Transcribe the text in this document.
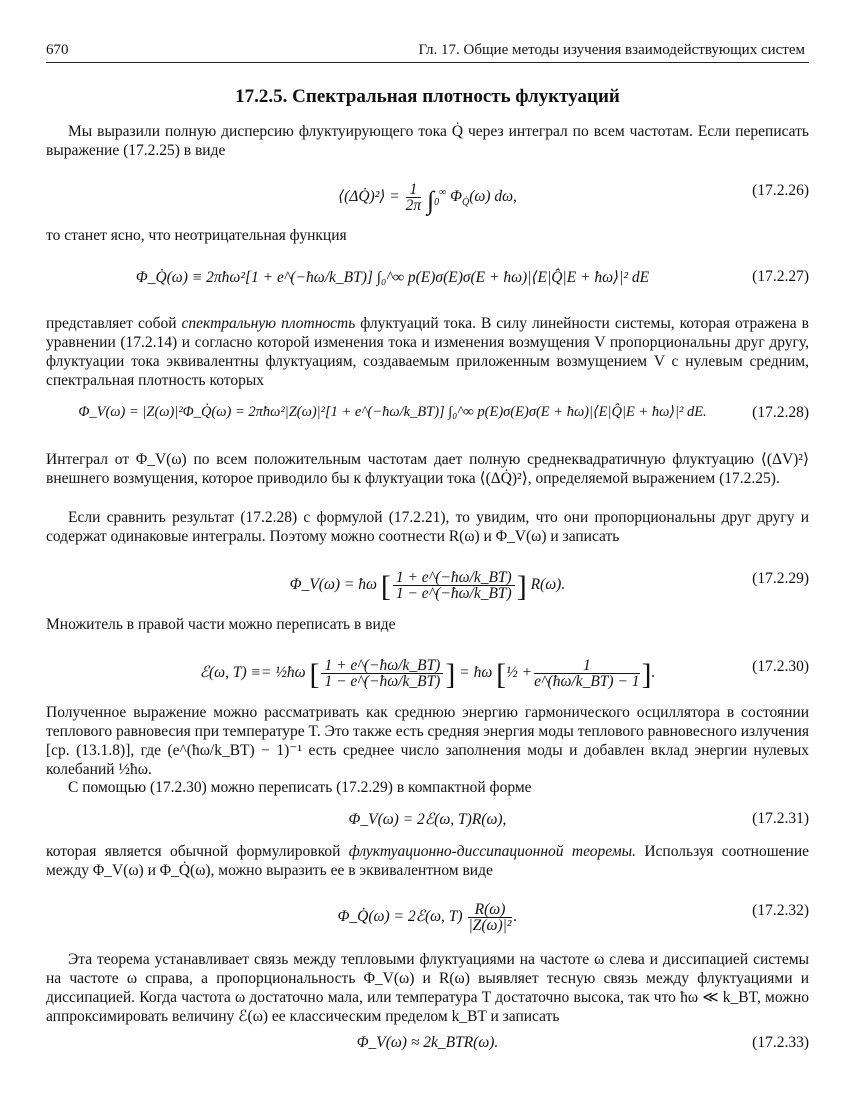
670	Гл. 17. Общие методы изучения взаимодействующих систем
17.2.5. Спектральная плотность флуктуаций

Мы выразили полную дисперсию флуктуирующего тока Q̇ через интеграл по всем частотам. Если переписать выражение (17.2.25) в виде

⟨(ΔQ̇)²⟩ = $\frac{1}{2\pi} \int_0^\infty$ $\Phi_{Q̇}(\omega)$ dω,	(17.2.26)

то станет ясно, что неотрицательная функция

Φ_Q̇(ω) ≡ 2πħω²[1 + e^(−ħω/k_BT)] ∫₀^∞ p(E)σ(E)σ(E + ħω)|⟨E|Q̂|E + ħω⟩|² dE	(17.2.27)

представляет собой спектральную плотность флуктуаций тока. В силу линейности системы, которая отражена в уравнении (17.2.14) и согласно которой изменения тока и изменения возмущения V пропорциональны друг другу, флуктуации тока эквивалентны флуктуациям, создаваемым приложенным возмущением V с нулевым средним, спектральная плотность которых

Φ_V(ω) = |Z(ω)|²Φ_Q̇(ω) = 2πħω²|Z(ω)|²[1 + e^(−ħω/k_BT)] ∫₀^∞ p(E)σ(E)σ(E + ħω)|⟨E|Q̂|E + ħω⟩|² dE.	(17.2.28)

Интеграл от Φ_V(ω) по всем положительным частотам дает полную среднеквадратичную флуктуацию ⟨(ΔV)²⟩ внешнего возмущения, которое приводило бы к флуктуации тока ⟨(ΔQ̇)²⟩, определяемой выражением (17.2.25).

Если сравнить результат (17.2.28) с формулой (17.2.21), то увидим, что они пропорциональны друг другу и содержат одинаковые интегралы. Поэтому можно соотнести R(ω) и Φ_V(ω) и записать

Φ_V(ω) = ħω [ $\frac{1 + e\^{}(-ħ\omega/k\_BT)}{1 - e\^{}(-ħ\omega/k\_BT)}$ ] R(ω).	(17.2.29)

Множитель в правой части можно переписать в виде

ℰ(ω, T) ≡= ½ħω [ $\frac{1 + e\^{}(-ħ\omega/k\_BT)}{1 - e\^{}(-ħ\omega/k\_BT)}$ ] = ħω [½ + $\frac{1}{e\^{}(ħ\omega/k\_BT) - 1}$ ].	(17.2.30)

Полученное выражение можно рассматривать как среднюю энергию гармонического осциллятора в состоянии теплового равновесия при температуре T. Это также есть средняя энергия моды теплового равновесного излучения [ср. (13.1.8)], где (e^(ħω/k_BT) − 1)⁻¹ есть среднее число заполнения моды и добавлен вклад энергии нулевых колебаний ½ħω.

С помощью (17.2.30) можно переписать (17.2.29) в компактной форме

Φ_V(ω) = 2ℰ(ω, T)R(ω),	(17.2.31)

которая является обычной формулировкой флуктуационно-диссипационной теоремы. Используя соотношение между Φ_V(ω) и Φ_Q̇(ω), можно выразить ее в эквивалентном виде

Φ_Q̇(ω) = 2ℰ(ω, $T) \frac{R(\omega)}{\text{|Z(ω)|²}}$ .	(17.2.32)

Эта теорема устанавливает связь между тепловыми флуктуациями на частоте ω слева и диссипацией системы на частоте ω справа, а пропорциональность Φ_V(ω) и R(ω) выявляет тесную связь между флуктуациями и диссипацией. Когда частота ω достаточно мала, или температура T достаточно высока, так что ħω ≪ k_BT, можно аппроксимировать величину ℰ(ω) ее классическим пределом k_BT и записать

Φ_V(ω) ≈ 2k_BTR(ω).	(17.2.33)
